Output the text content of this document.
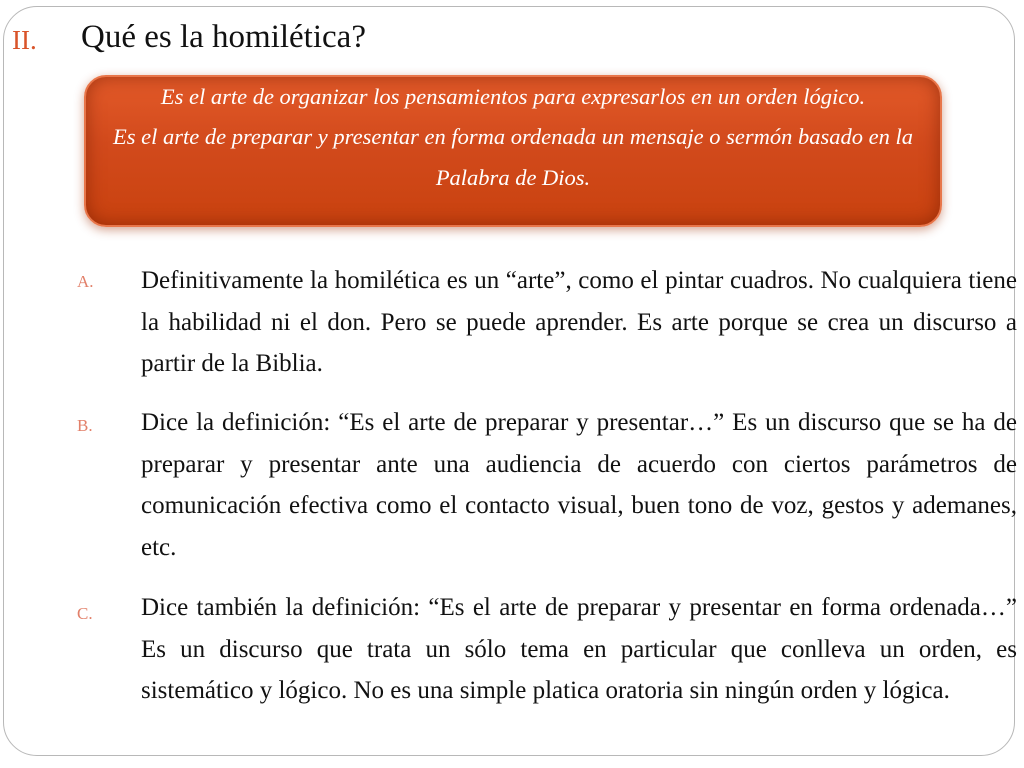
II. Qué es la homilética?
Es el arte de organizar los pensamientos para expresarlos en un orden lógico.
Es el arte de preparar y presentar en forma ordenada un mensaje o sermón basado en la Palabra de Dios.
A. Definitivamente la homilética es un “arte”, como el pintar cuadros. No cualquiera tiene la habilidad ni el don. Pero se puede aprender. Es arte porque se crea un discurso a partir de la Biblia.
B. Dice la definición: “Es el arte de preparar y presentar…” Es un discurso que se ha de preparar y presentar ante una audiencia de acuerdo con ciertos parámetros de comunicación efectiva como el contacto visual, buen tono de voz, gestos y ademanes, etc.
C. Dice también la definición: “Es el arte de preparar y presentar en forma ordenada…” Es un discurso que trata un sólo tema en particular que conlleva un orden, es sistemático y lógico. No es una simple platica oratoria sin ningún orden y lógica.
